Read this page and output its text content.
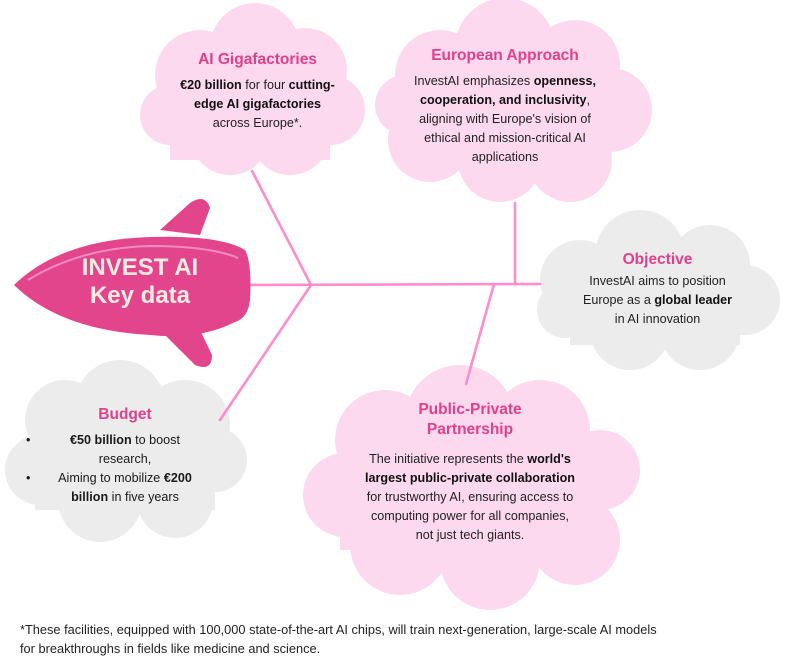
INVEST AI
Key data
AI Gigafactories
€20 billion for four cutting-
edge AI gigafactories
across Europe*.
European Approach
InvestAI emphasizes openness,
cooperation, and inclusivity,
aligning with Europe's vision of
ethical and mission-critical AI
applications
Objective
InvestAI aims to position
Europe as a global leader
in AI innovation
Budget
•	€50 billion to boost
research,
• Aiming to mobilize €200
billion in five years
Public-Private
Partnership
The initiative represents the world's
largest public-private collaboration
for trustworthy AI, ensuring access to
computing power for all companies,
not just tech giants.
*These facilities, equipped with 100,000 state-of-the-art AI chips, will train next-generation, large-scale AI models
for breakthroughs in fields like medicine and science.
